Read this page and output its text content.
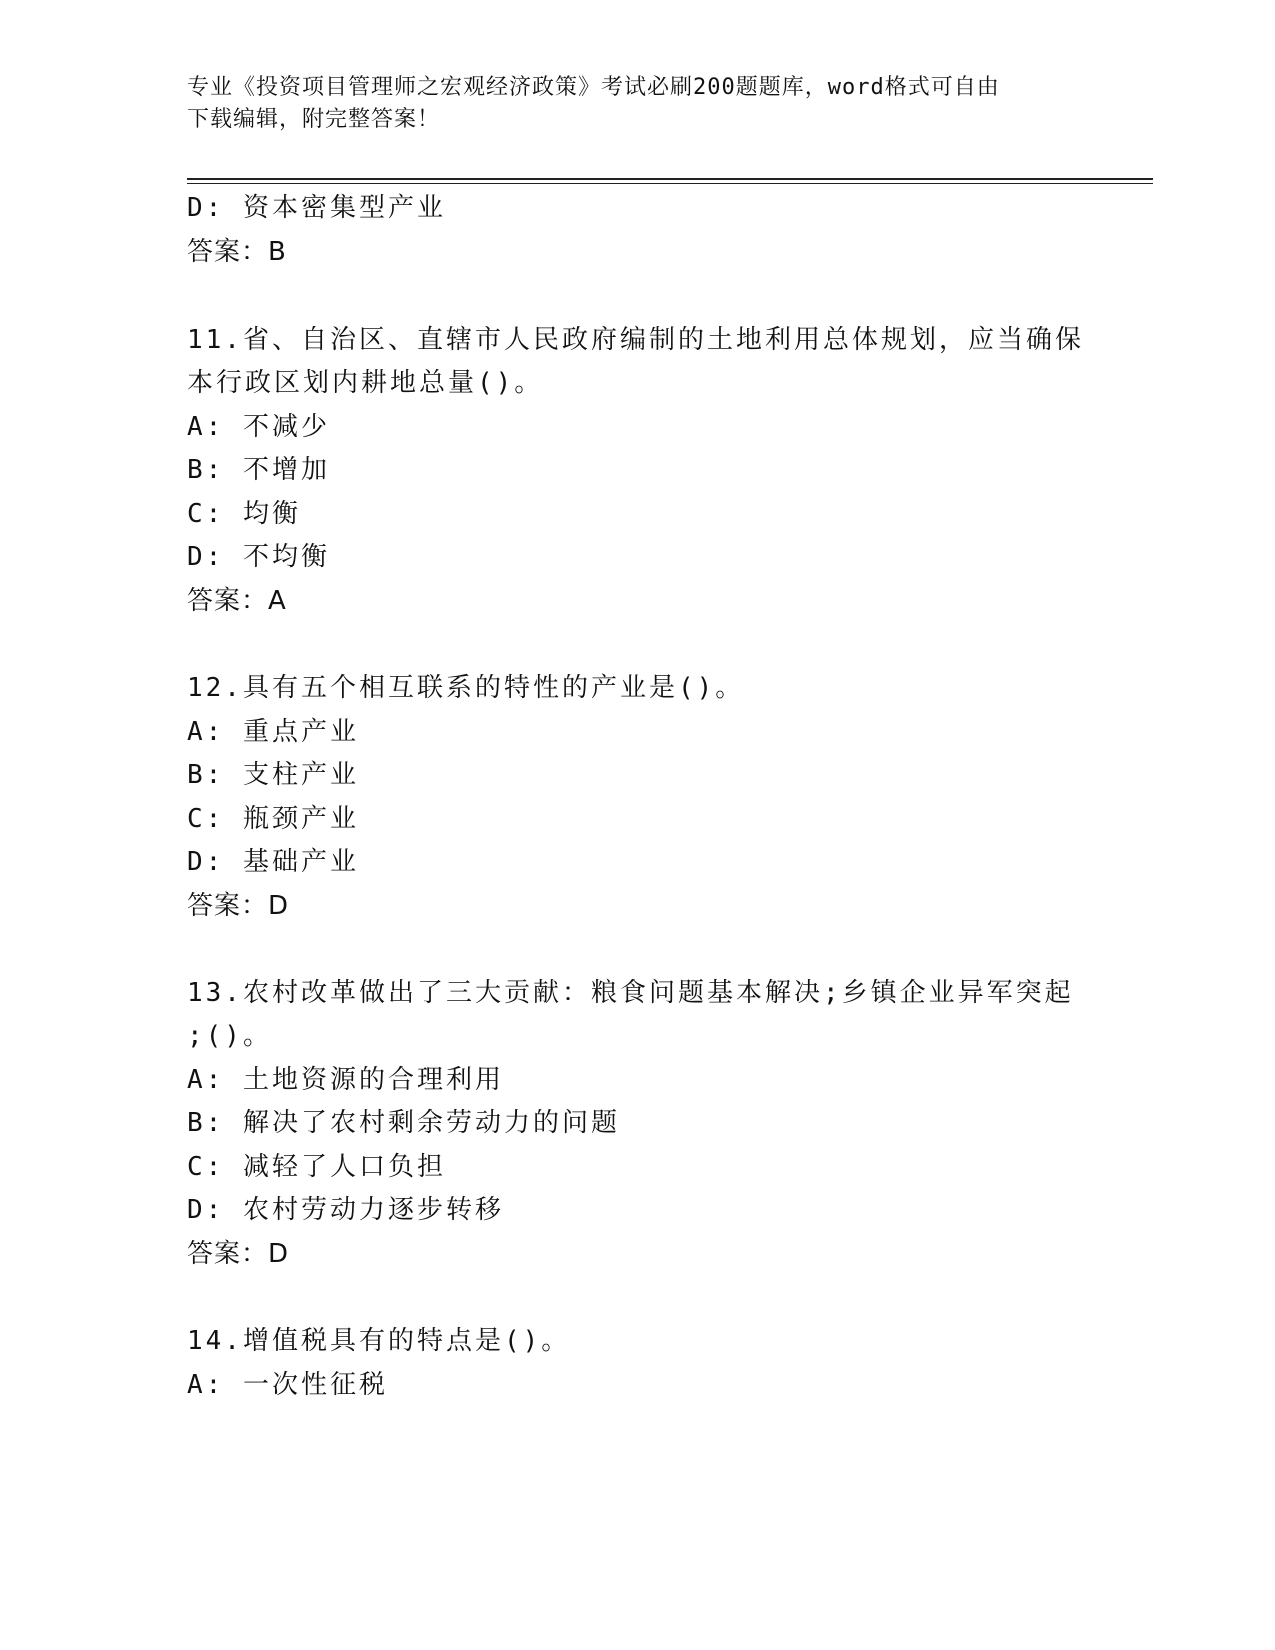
专业《投资项目管理师之宏观经济政策》考试必刷200题题库，word格式可自由
下载编辑，附完整答案！
D: 资本密集型产业
答案：B
11.省、自治区、直辖市人民政府编制的土地利用总体规划，应当确保
本行政区划内耕地总量()。
A: 不减少
B: 不增加
C: 均衡
D: 不均衡
答案：A
12.具有五个相互联系的特性的产业是()。
A: 重点产业
B: 支柱产业
C: 瓶颈产业
D: 基础产业
答案：D
13.农村改革做出了三大贡献：粮食问题基本解决;乡镇企业异军突起
;()。
A: 土地资源的合理利用
B: 解决了农村剩余劳动力的问题
C: 减轻了人口负担
D: 农村劳动力逐步转移
答案：D
14.增值税具有的特点是()。
A: 一次性征税
